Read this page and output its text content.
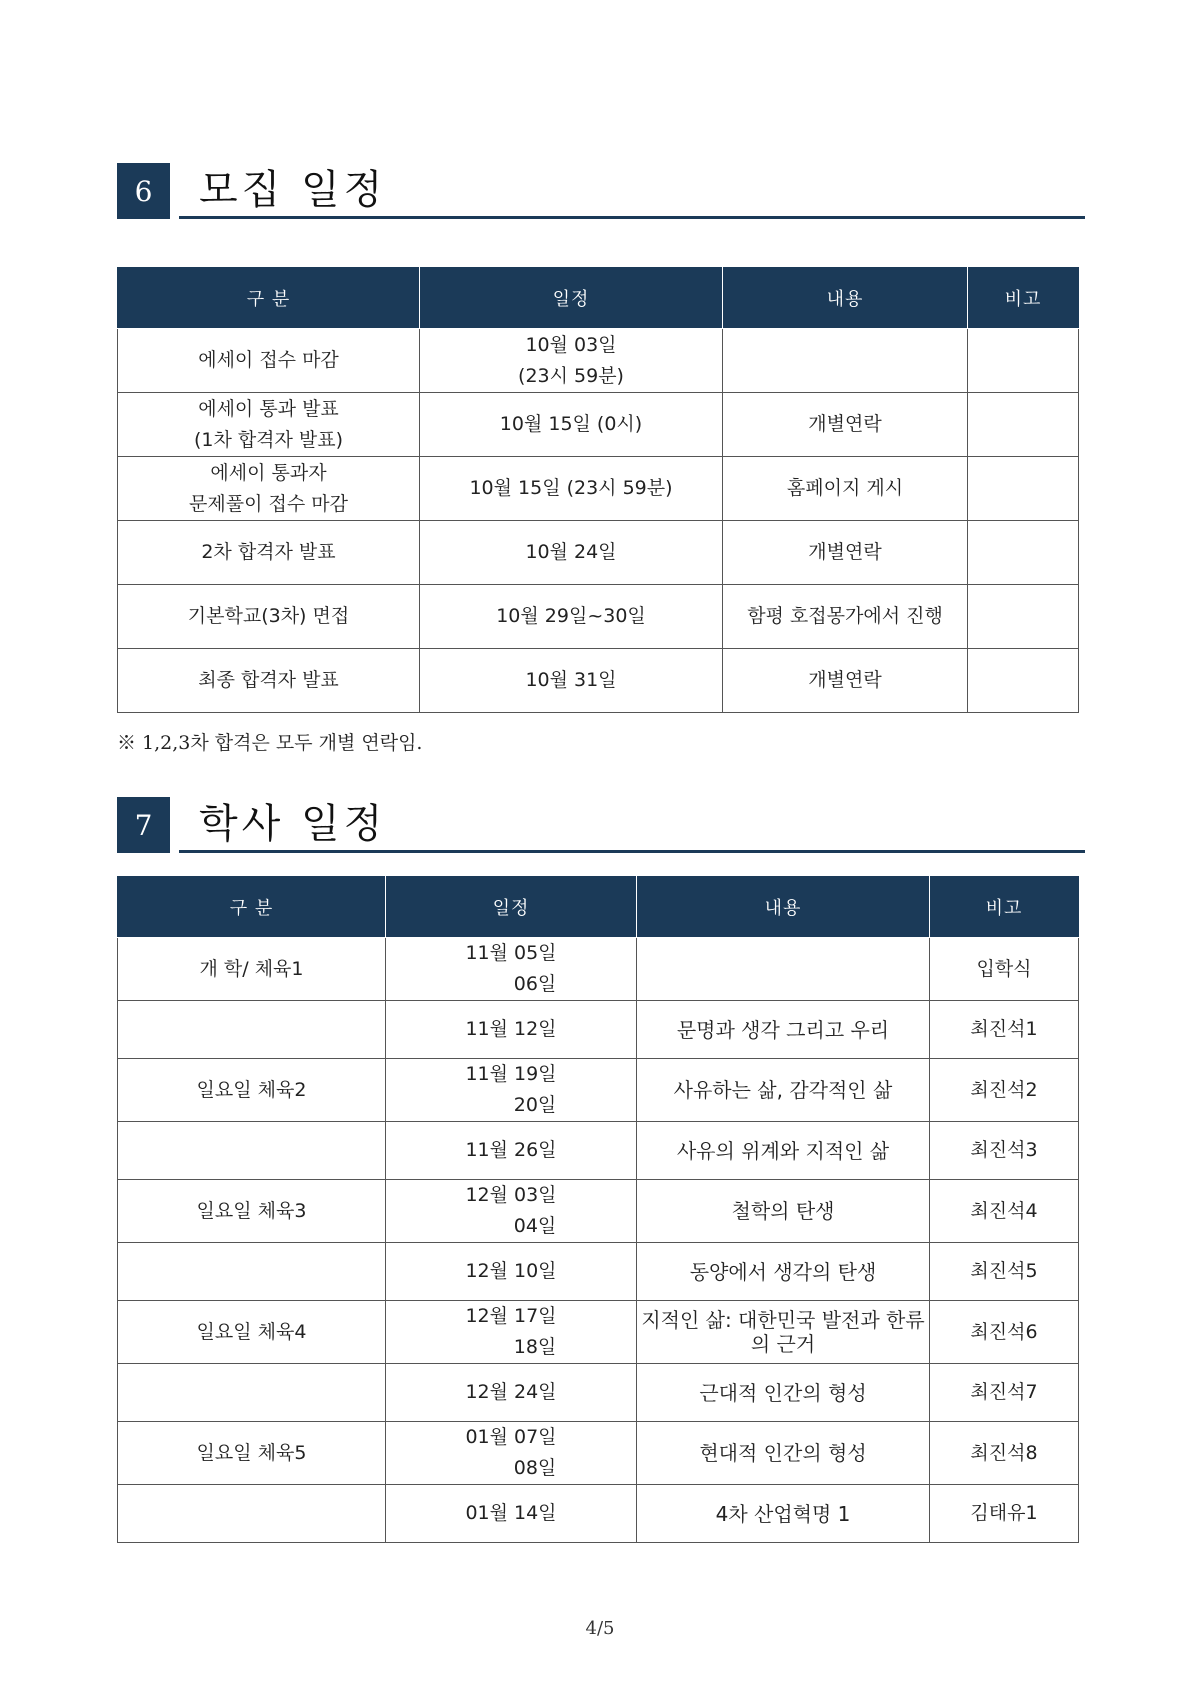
6	모집 일정
구 분	일정	내용	비고

에세이 접수 마감	10월 03일
(23시 59분)		

에세이 통과 발표
(1차 합격자 발표)	10월 15일 (0시)	개별연락	

에세이 통과자
문제풀이 접수 마감	10월 15일 (23시 59분)	홈페이지 게시	

2차 합격자 발표	10월 24일	개별연락	

기본학교(3차) 면접	10월 29일~30일	함평 호접몽가에서 진행	

최종 합격자 발표	10월 31일	개별연락	
※ 1,2,3차 합격은 모두 개별 연락임.
7	학사 일정
구 분	일정	내용	비고
개 학/ 체육1	11월 05일
06일		입학식

	11월 12일	문명과 생각 그리고 우리	최진석1
일요일 체육2	11월 19일
20일	사유하는 삶, 감각적인 삶	최진석2

	11월 26일	사유의 위계와 지적인 삶	최진석3
일요일 체육3	12월 03일
04일	철학의 탄생	최진석4

	12월 10일	동양에서 생각의 탄생	최진석5
일요일 체육4	12월 17일
18일	지적인 삶: 대한민국 발전과 한류의 근거	최진석6

	12월 24일	근대적 인간의 형성	최진석7
일요일 체육5	01월 07일
08일	현대적 인간의 형성	최진석8

	01월 14일	4차 산업혁명 1	김태유1
4/5
